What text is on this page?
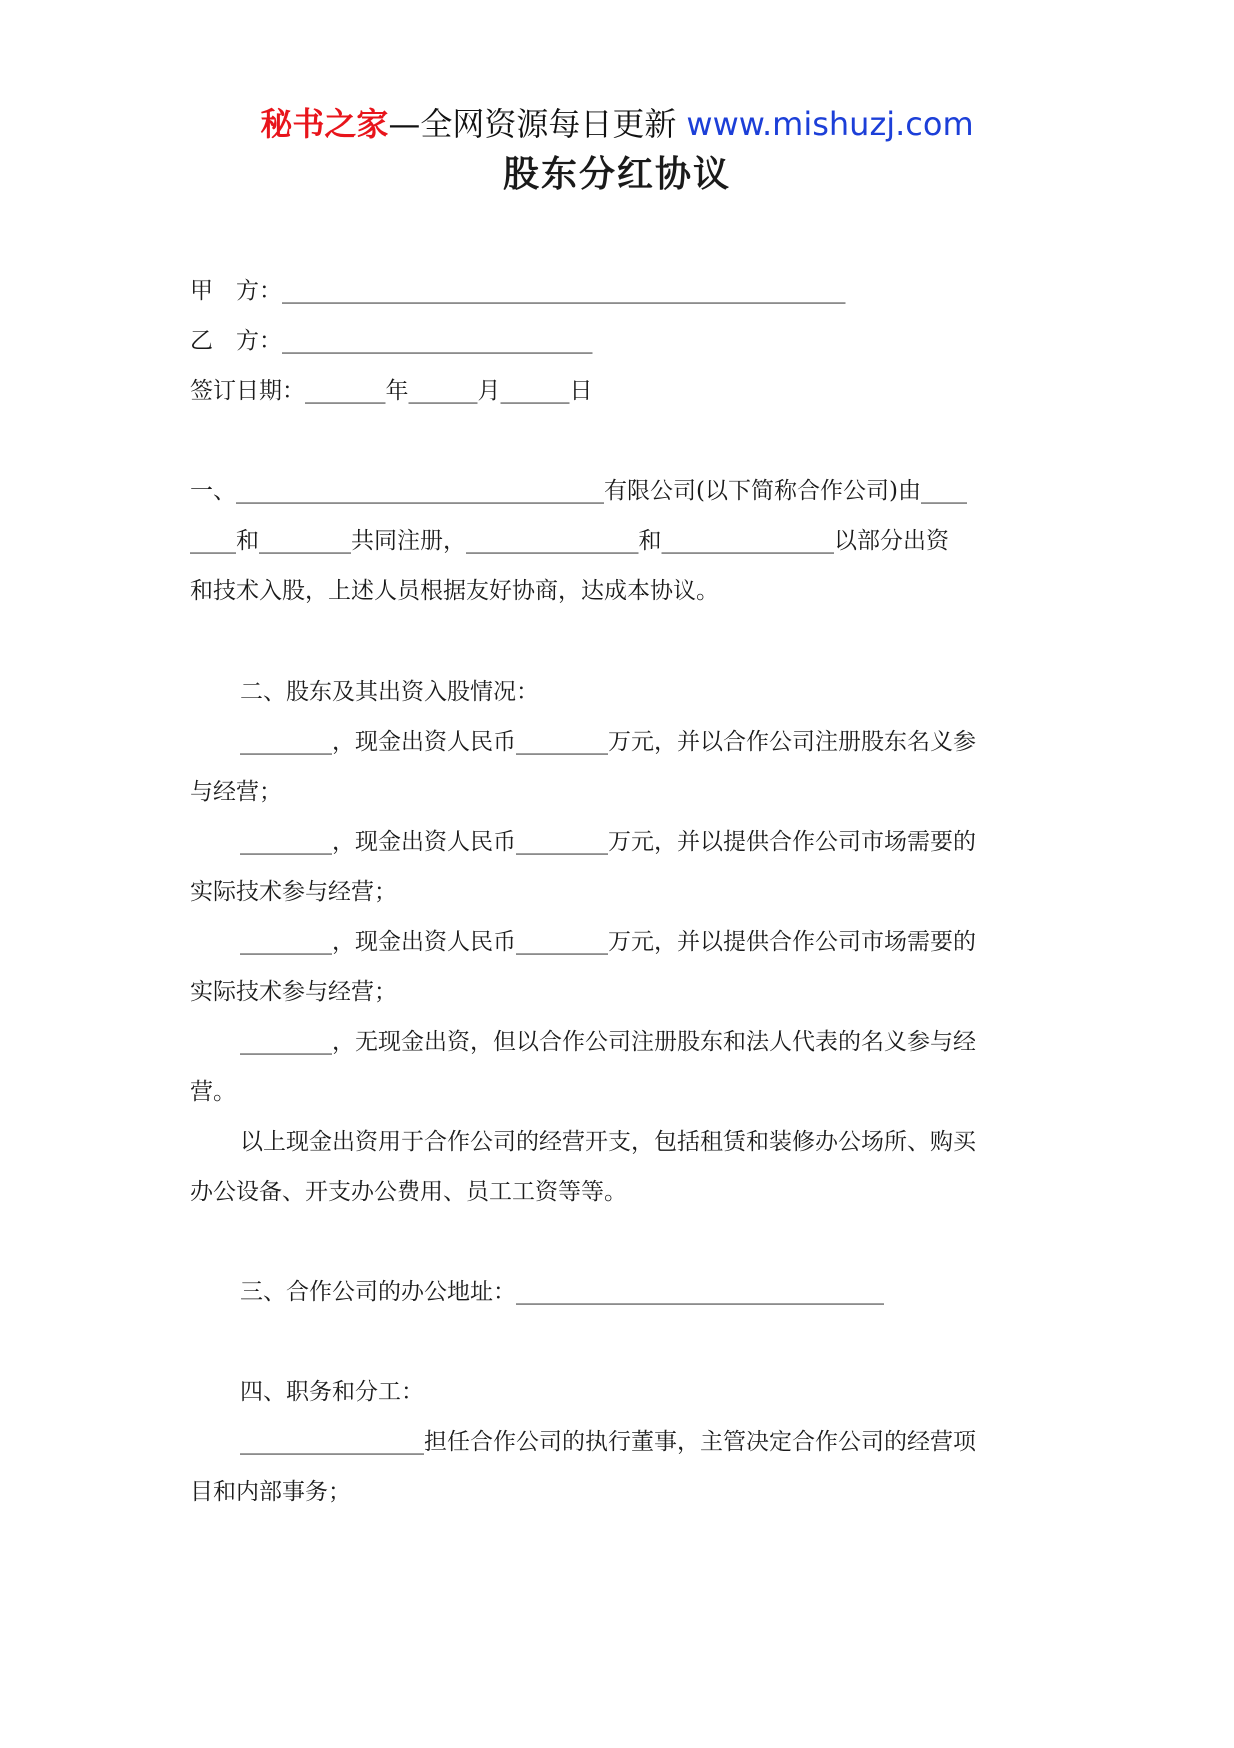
秘书之家—全网资源每日更新 www.mishuzj.com
股东分红协议
甲　方：_________________________________________________
乙　方：___________________________
签订日期：_______年______月______日
一、________________________________有限公司(以下简称合作公司)由____
____和________共同注册，_______________和_______________以部分出资
和技术入股，上述人员根据友好协商，达成本协议。
二、股东及其出资入股情况：
________，现金出资人民币________万元，并以合作公司注册股东名义参
与经营；
________，现金出资人民币________万元，并以提供合作公司市场需要的
实际技术参与经营；
________，现金出资人民币________万元，并以提供合作公司市场需要的
实际技术参与经营；
________，无现金出资，但以合作公司注册股东和法人代表的名义参与经
营。
以上现金出资用于合作公司的经营开支，包括租赁和装修办公场所、购买
办公设备、开支办公费用、员工工资等等。
三、合作公司的办公地址：________________________________
四、职务和分工：
________________担任合作公司的执行董事，主管决定合作公司的经营项
目和内部事务；
